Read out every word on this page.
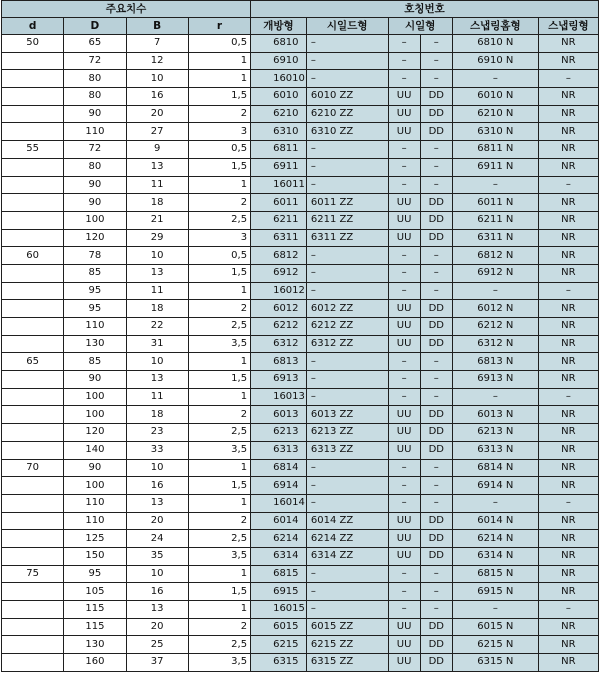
주요치수				호칭번호					
d	D	B	r	개방형	시일드형	시일형		스냅링홈형	스냅링형
50	65	7	0,5	6810	–	–	–	6810 N	NR
	72	12	1	6910	–	–	–	6910 N	NR
	80	10	1	16010	–	–	–	–	–
	80	16	1,5	6010	6010 ZZ	UU	DD	6010 N	NR
	90	20	2	6210	6210 ZZ	UU	DD	6210 N	NR
	110	27	3	6310	6310 ZZ	UU	DD	6310 N	NR
55	72	9	0,5	6811	–	–	–	6811 N	NR
	80	13	1,5	6911	–	–	–	6911 N	NR
	90	11	1	16011	–	–	–	–	–
	90	18	2	6011	6011 ZZ	UU	DD	6011 N	NR
	100	21	2,5	6211	6211 ZZ	UU	DD	6211 N	NR
	120	29	3	6311	6311 ZZ	UU	DD	6311 N	NR
60	78	10	0,5	6812	–	–	–	6812 N	NR
	85	13	1,5	6912	–	–	–	6912 N	NR
	95	11	1	16012	–	–	–	–	–
	95	18	2	6012	6012 ZZ	UU	DD	6012 N	NR
	110	22	2,5	6212	6212 ZZ	UU	DD	6212 N	NR
	130	31	3,5	6312	6312 ZZ	UU	DD	6312 N	NR
65	85	10	1	6813	–	–	–	6813 N	NR
	90	13	1,5	6913	–	–	–	6913 N	NR
	100	11	1	16013	–	–	–	–	–
	100	18	2	6013	6013 ZZ	UU	DD	6013 N	NR
	120	23	2,5	6213	6213 ZZ	UU	DD	6213 N	NR
	140	33	3,5	6313	6313 ZZ	UU	DD	6313 N	NR
70	90	10	1	6814	–	–	–	6814 N	NR
	100	16	1,5	6914	–	–	–	6914 N	NR
	110	13	1	16014	–	–	–	–	–
	110	20	2	6014	6014 ZZ	UU	DD	6014 N	NR
	125	24	2,5	6214	6214 ZZ	UU	DD	6214 N	NR
	150	35	3,5	6314	6314 ZZ	UU	DD	6314 N	NR
75	95	10	1	6815	–	–	–	6815 N	NR
	105	16	1,5	6915	–	–	–	6915 N	NR
	115	13	1	16015	–	–	–	–	–
	115	20	2	6015	6015 ZZ	UU	DD	6015 N	NR
	130	25	2,5	6215	6215 ZZ	UU	DD	6215 N	NR
	160	37	3,5	6315	6315 ZZ	UU	DD	6315 N	NR
